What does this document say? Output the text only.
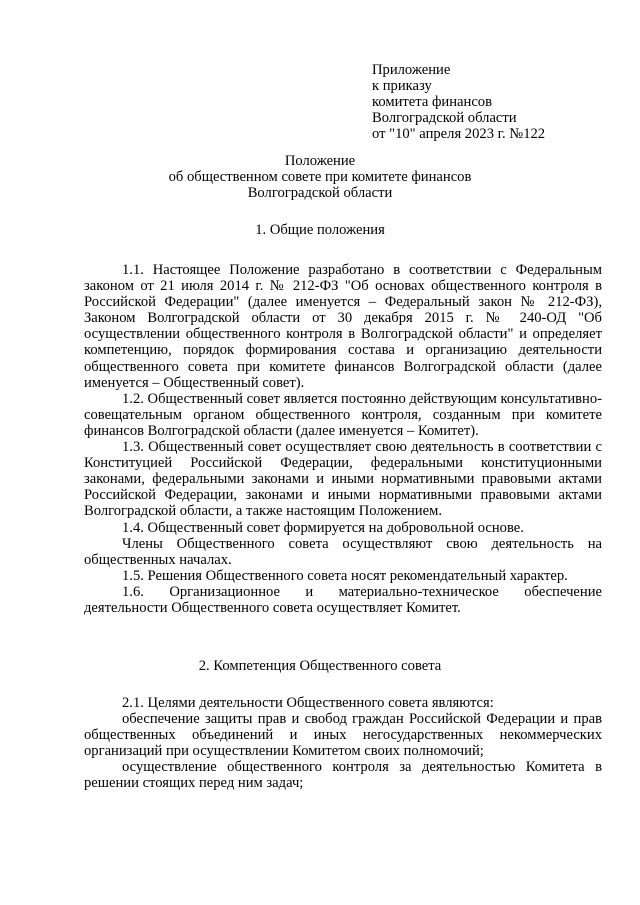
Приложение
к приказу
комитета финансов
Волгоградской области
от "10" апреля 2023 г. №122
Положение
об общественном совете при комитете финансов
Волгоградской области
1. Общие положения

1.1. Настоящее Положение разработано в соответствии с Федеральным законом от 21 июля 2014 г. № 212-ФЗ "Об основах общественного контроля в Российской Федерации" (далее именуется – Федеральный закон № 212-ФЗ), Законом Волгоградской области от 30 декабря 2015 г. № 240-ОД "Об осуществлении общественного контроля в Волгоградской области" и определяет компетенцию, порядок формирования состава и организацию деятельности общественного совета при комитете финансов Волгоградской области (далее именуется – Общественный совет).

1.2. Общественный совет является постоянно действующим консультативно-совещательным органом общественного контроля, созданным при комитете финансов Волгоградской области (далее именуется – Комитет).

1.3. Общественный совет осуществляет свою деятельность в соответствии с Конституцией Российской Федерации, федеральными конституционными законами, федеральными законами и иными нормативными правовыми актами Российской Федерации, законами и иными нормативными правовыми актами Волгоградской области, а также настоящим Положением.

1.4. Общественный совет формируется на добровольной основе.

Члены Общественного совета осуществляют свою деятельность на общественных началах.

1.5. Решения Общественного совета носят рекомендательный характер.

1.6. Организационное и материально-техническое обеспечение деятельности Общественного совета осуществляет Комитет.

2. Компетенция Общественного совета

2.1. Целями деятельности Общественного совета являются:

обеспечение защиты прав и свобод граждан Российской Федерации и прав общественных объединений и иных негосударственных некоммерческих организаций при осуществлении Комитетом своих полномочий;

осуществление общественного контроля за деятельностью Комитета в решении стоящих перед ним задач;
